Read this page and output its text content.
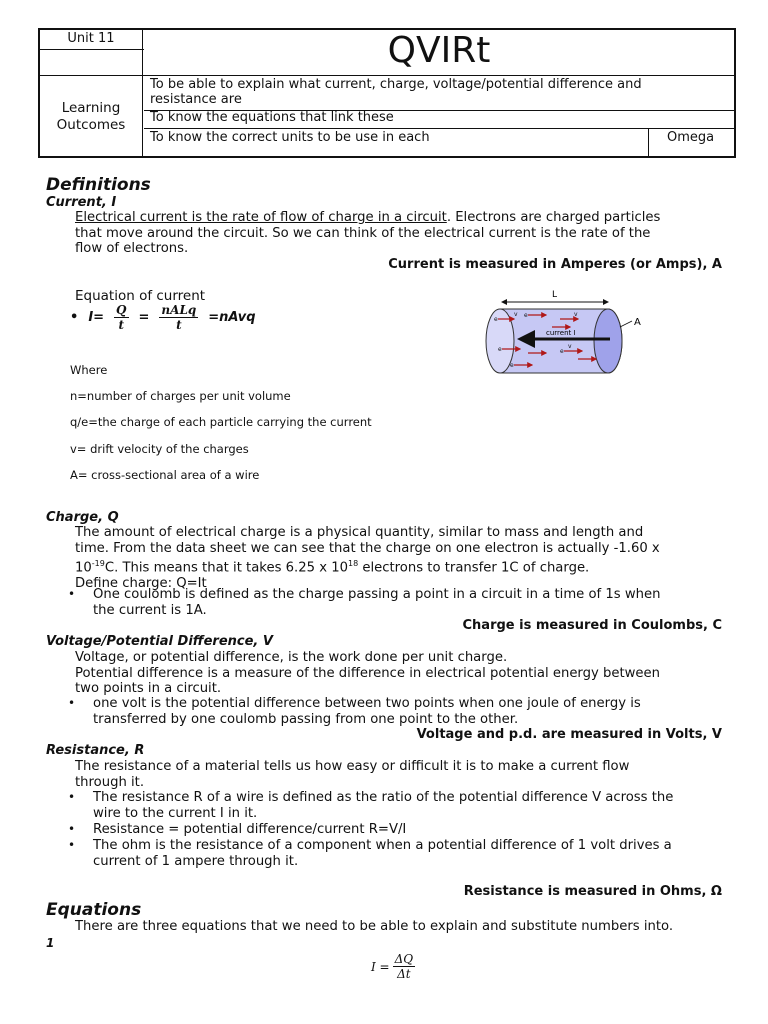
Unit 11	QVIRt
Learning
Outcomes
To be able to explain what current, charge, voltage/potential difference and
resistance are
To know the equations that link these
To know the correct units to be use in each	Omega
Definitions
Current, I
Electrical current is the rate of flow of charge in a circuit. Electrons are charged particles
that move around the circuit. So we can think of the electrical current is the rate of the
flow of electrons.
Current is measured in Amperes (or Amps), A
Equation of current
• $I= \frac{Q}{t} = \frac{\text{nALq}}{t}$ =nAvq
Where
n=number of charges per unit volume
q/e=the charge of each particle carrying the current
v= drift velocity of the charges
A= cross-sectional area of a wire
L
current I
e
e
e	e
e
v	v
v
A
Charge, Q
The amount of electrical charge is a physical quantity, similar to mass and length and
time. From the data sheet we can see that the charge on one electron is actually -1.60 x
$10^{-19}C$. This means that it takes 6.25 x $10^{18}$ electrons to transfer 1C of charge.
Define charge: Q=It
• One coulomb is defined as the charge passing a point in a circuit in a time of 1s when
the current is 1A.
Charge is measured in Coulombs, C
Voltage/Potential Difference, V
Voltage, or potential difference, is the work done per unit charge.
Potential difference is a measure of the difference in electrical potential energy between
two points in a circuit.
• one volt is the potential difference between two points when one joule of energy is
transferred by one coulomb passing from one point to the other.
Voltage and p.d. are measured in Volts, V
Resistance, R
The resistance of a material tells us how easy or difficult it is to make a current flow
through it.
• The resistance R of a wire is defined as the ratio of the potential difference V across the
wire to the current I in it.
• Resistance = potential difference/current R=V/I
• The ohm is the resistance of a component when a potential difference of 1 volt drives a
current of 1 ampere through it.
Resistance is measured in Ohms, Ω
Equations
There are three equations that we need to be able to explain and substitute numbers into.
1
$I = \frac{\Delta Q}{\Delta t}$
